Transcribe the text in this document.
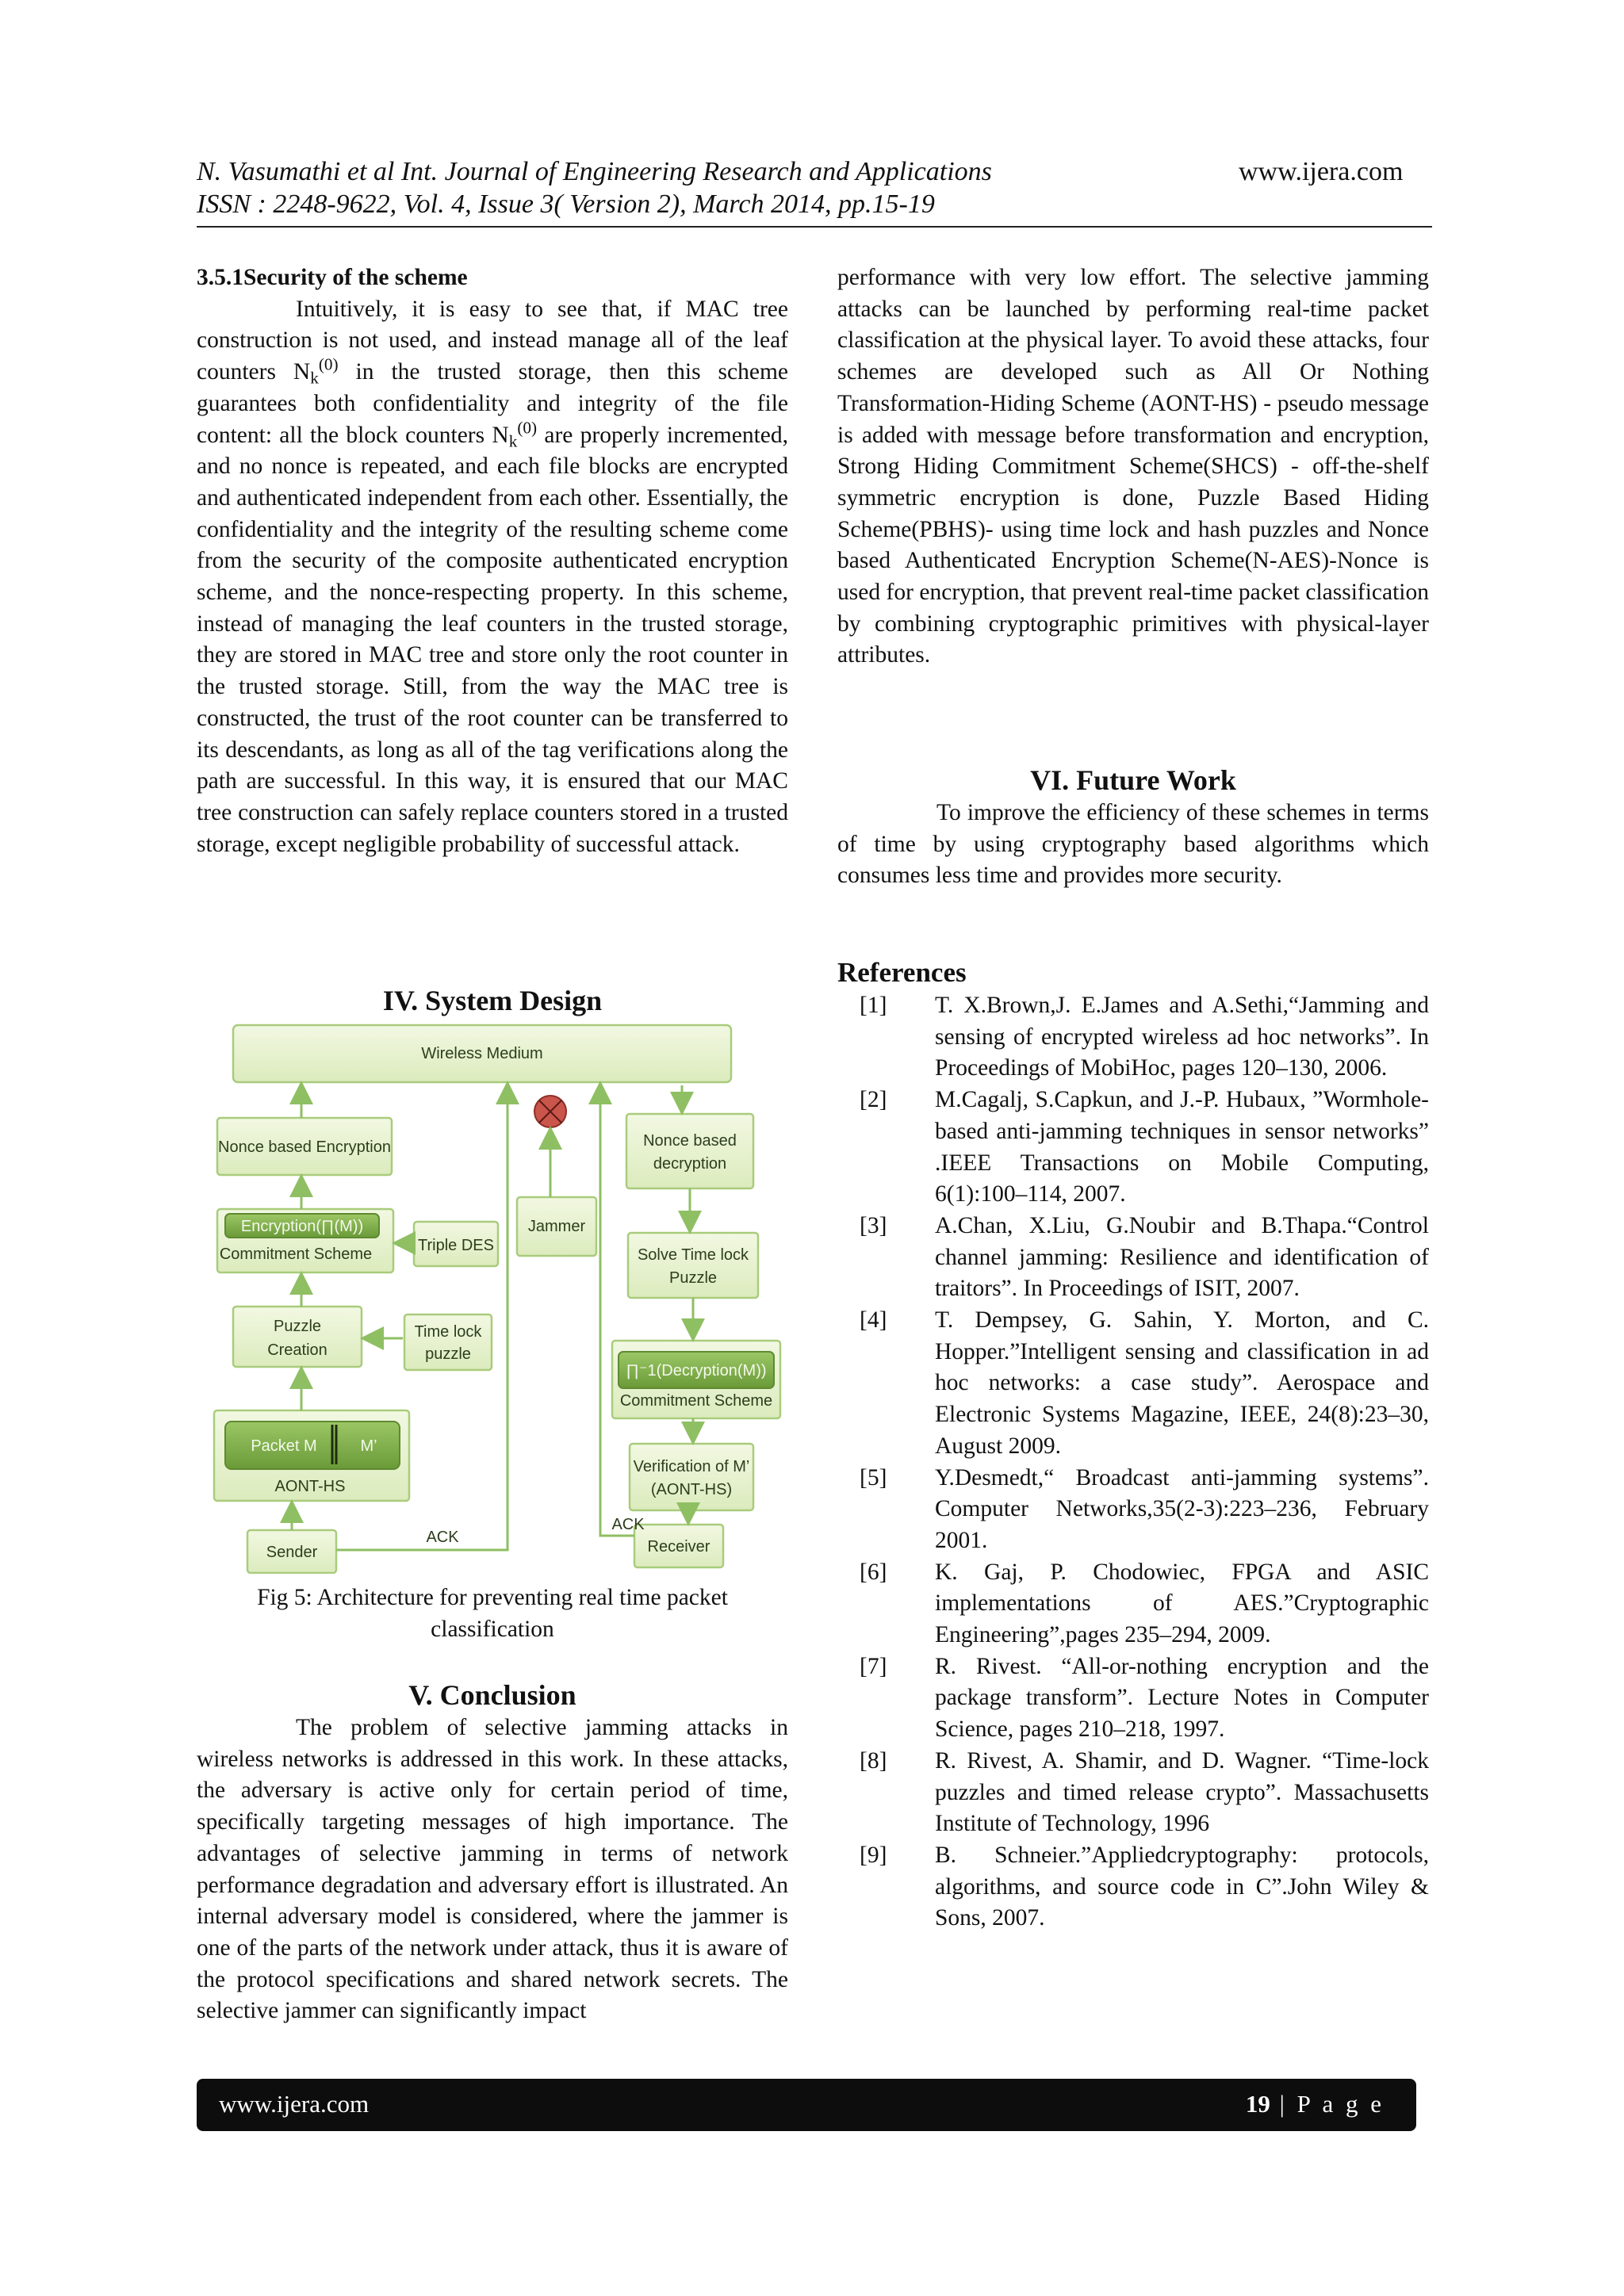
N. Vasumathi et al Int. Journal of Engineering Research and Applications	www.ijera.com
ISSN : 2248-9622, Vol. 4, Issue 3( Version 2), March 2014, pp.15-19

3.5.1Security of the scheme

Intuitively, it is easy to see that, if MAC tree construction is not used, and instead manage all of the leaf counters $N_k^{(0)}$ in the trusted storage, then this scheme guarantees both confidentiality and integrity of the file content: all the block counters $N_k^{(0)}$ are properly incremented, and no nonce is repeated, and each file blocks are encrypted and authenticated independent from each other. Essentially, the confidentiality and the integrity of the resulting scheme come from the security of the composite authenticated encryption scheme, and the nonce-respecting property. In this scheme, instead of managing the leaf counters in the trusted storage, they are stored in MAC tree and store only the root counter in the trusted storage. Still, from the way the MAC tree is constructed, the trust of the root counter can be transferred to its descendants, as long as all of the tag verifications along the path are successful. In this way, it is ensured that our MAC tree construction can safely replace counters stored in a trusted storage, except negligible probability of successful attack.

IV. System Design

Wireless Medium
Nonce based Encryption	Nonce based
decryption
Encryption(∏(M))
Commitment Scheme	Triple DES
Jammer
Solve Time lock
Puzzle
Puzzle
Creation
Time lock
puzzle
∏⁻1(Decryption(M))
Commitment Scheme
Packet M	M’
AONT-HS
Verification of M’
(AONT-HS)
ACK
ACK
Sender	Receiver

Fig 5: Architecture for preventing real time packet classification

V. Conclusion

The problem of selective jamming attacks in wireless networks is addressed in this work. In these attacks, the adversary is active only for certain period of time, specifically targeting messages of high importance. The advantages of selective jamming in terms of network performance degradation and adversary effort is illustrated. An internal adversary model is considered, where the jammer is one of the parts of the network under attack, thus it is aware of the protocol specifications and shared network secrets. The selective jammer can significantly impact

performance with very low effort. The selective jamming attacks can be launched by performing real-time packet classification at the physical layer. To avoid these attacks, four schemes are developed such as All Or Nothing Transformation-Hiding Scheme (AONT-HS) - pseudo message is added with message before transformation and encryption, Strong Hiding Commitment Scheme(SHCS) - off-the-shelf symmetric encryption is done, Puzzle Based Hiding Scheme(PBHS)- using time lock and hash puzzles and Nonce based Authenticated Encryption Scheme(N-AES)-Nonce is used for encryption, that prevent real-time packet classification by combining cryptographic primitives with physical-layer attributes.

VI. Future Work

To improve the efficiency of these schemes in terms of time by using cryptography based algorithms which consumes less time and provides more security.

References

[1] T. X.Brown,J. E.James and A.Sethi,“Jamming and sensing of encrypted wireless ad hoc networks”. In Proceedings of MobiHoc, pages 120–130, 2006.
[2] M.Cagalj, S.Capkun, and J.-P. Hubaux, ”Wormhole-based anti-jamming techniques in sensor networks” .IEEE Transactions on Mobile Computing, 6(1):100–114, 2007.
[3] A.Chan, X.Liu, G.Noubir and B.Thapa.“Control channel jamming: Resilience and identification of traitors”. In Proceedings of ISIT, 2007.
[4] T. Dempsey, G. Sahin, Y. Morton, and C. Hopper.”Intelligent sensing and classification in ad hoc networks: a case study”. Aerospace and Electronic Systems Magazine, IEEE, 24(8):23–30, August 2009.
[5] Y.Desmedt,“ Broadcast anti-jamming systems”. Computer Networks,35(2-3):223–236, February 2001.
[6] K. Gaj, P. Chodowiec, FPGA and ASIC implementations of AES.”Cryptographic Engineering”,pages 235–294, 2009.
[7] R. Rivest. “All-or-nothing encryption and the package transform”. Lecture Notes in Computer Science, pages 210–218, 1997.
[8] R. Rivest, A. Shamir, and D. Wagner. “Time-lock puzzles and timed release crypto”. Massachusetts Institute of Technology, 1996
[9] B. Schneier.”Appliedcryptography: protocols, algorithms, and source code in C”.John Wiley & Sons, 2007.
www.ijera.com	19 | P a g e
